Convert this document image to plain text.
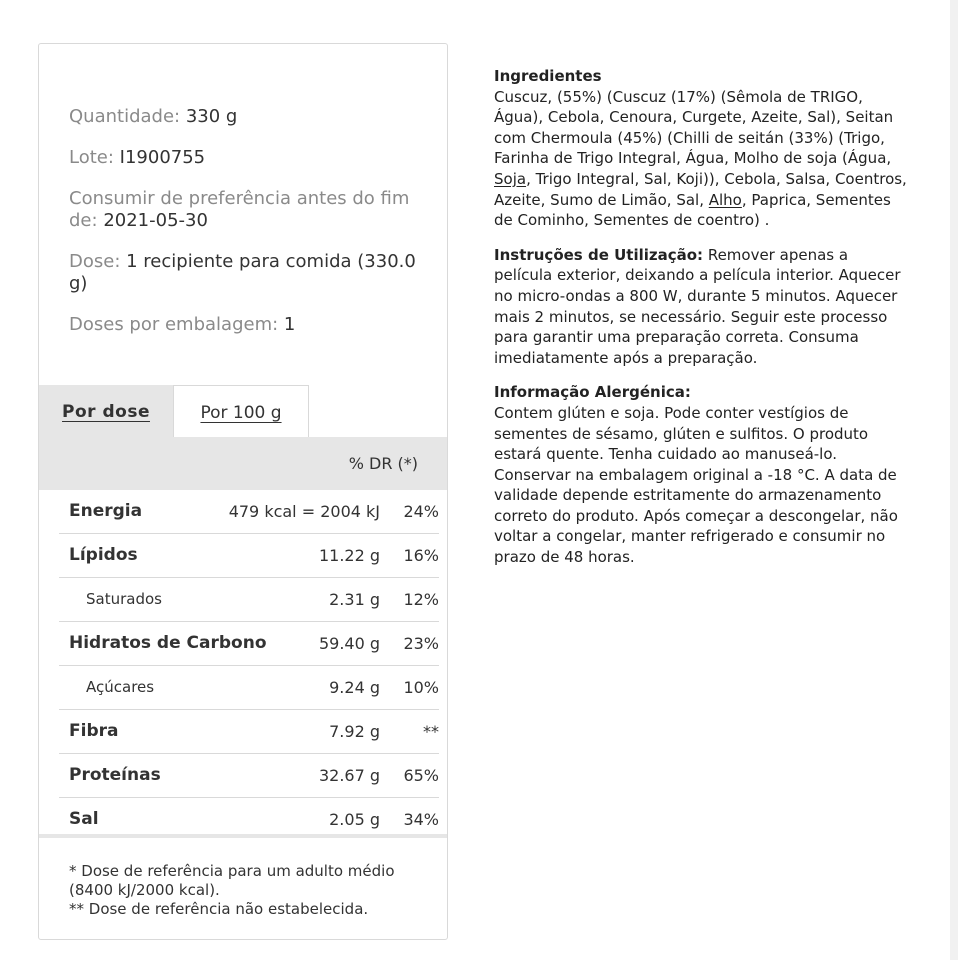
Quantidade: 330 g
Lote: I1900755
Consumir de preferência antes do fim de: 2021-05-30
Dose: 1 recipiente para comida (330.0 g)
Doses por embalagem: 1
Por dose	Por 100 g
% DR (*)
Energia	479 kcal = 2004 kJ 24%
Lípidos	11.22 g 16%
Saturados	2.31 g 12%
Hidratos de Carbono	59.40 g 23%
Açúcares	9.24 g 10%
Fibra	7.92 g	**
Proteínas	32.67 g 65%
Sal	2.05 g 34%
* Dose de referência para um adulto médio (8400 kJ/2000 kcal).
** Dose de referência não estabelecida.

Ingredientes
Cuscuz, (55%) (Cuscuz (17%) (Sêmola de TRIGO, Água), Cebola, Cenoura, Curgete, Azeite, Sal), Seitan com Chermoula (45%) (Chilli de seitán (33%) (Trigo, Farinha de Trigo Integral, Água, Molho de soja (Água, Soja, Trigo Integral, Sal, Koji)), Cebola, Salsa, Coentros, Azeite, Sumo de Limão, Sal, Alho, Paprica, Sementes de Cominho, Sementes de coentro) .

Instruções de Utilização: Remover apenas a película exterior, deixando a película interior. Aquecer no micro-ondas a 800 W, durante 5 minutos. Aquecer mais 2 minutos, se necessário. Seguir este processo para garantir uma preparação correta. Consuma imediatamente após a preparação.

Informação Alergénica:
Contem glúten e soja. Pode conter vestígios de sementes de sésamo, glúten e sulfitos. O produto estará quente. Tenha cuidado ao manuseá-lo. Conservar na embalagem original a -18 °C. A data de validade depende estritamente do armazenamento correto do produto. Após começar a descongelar, não voltar a congelar, manter refrigerado e consumir no prazo de 48 horas.
